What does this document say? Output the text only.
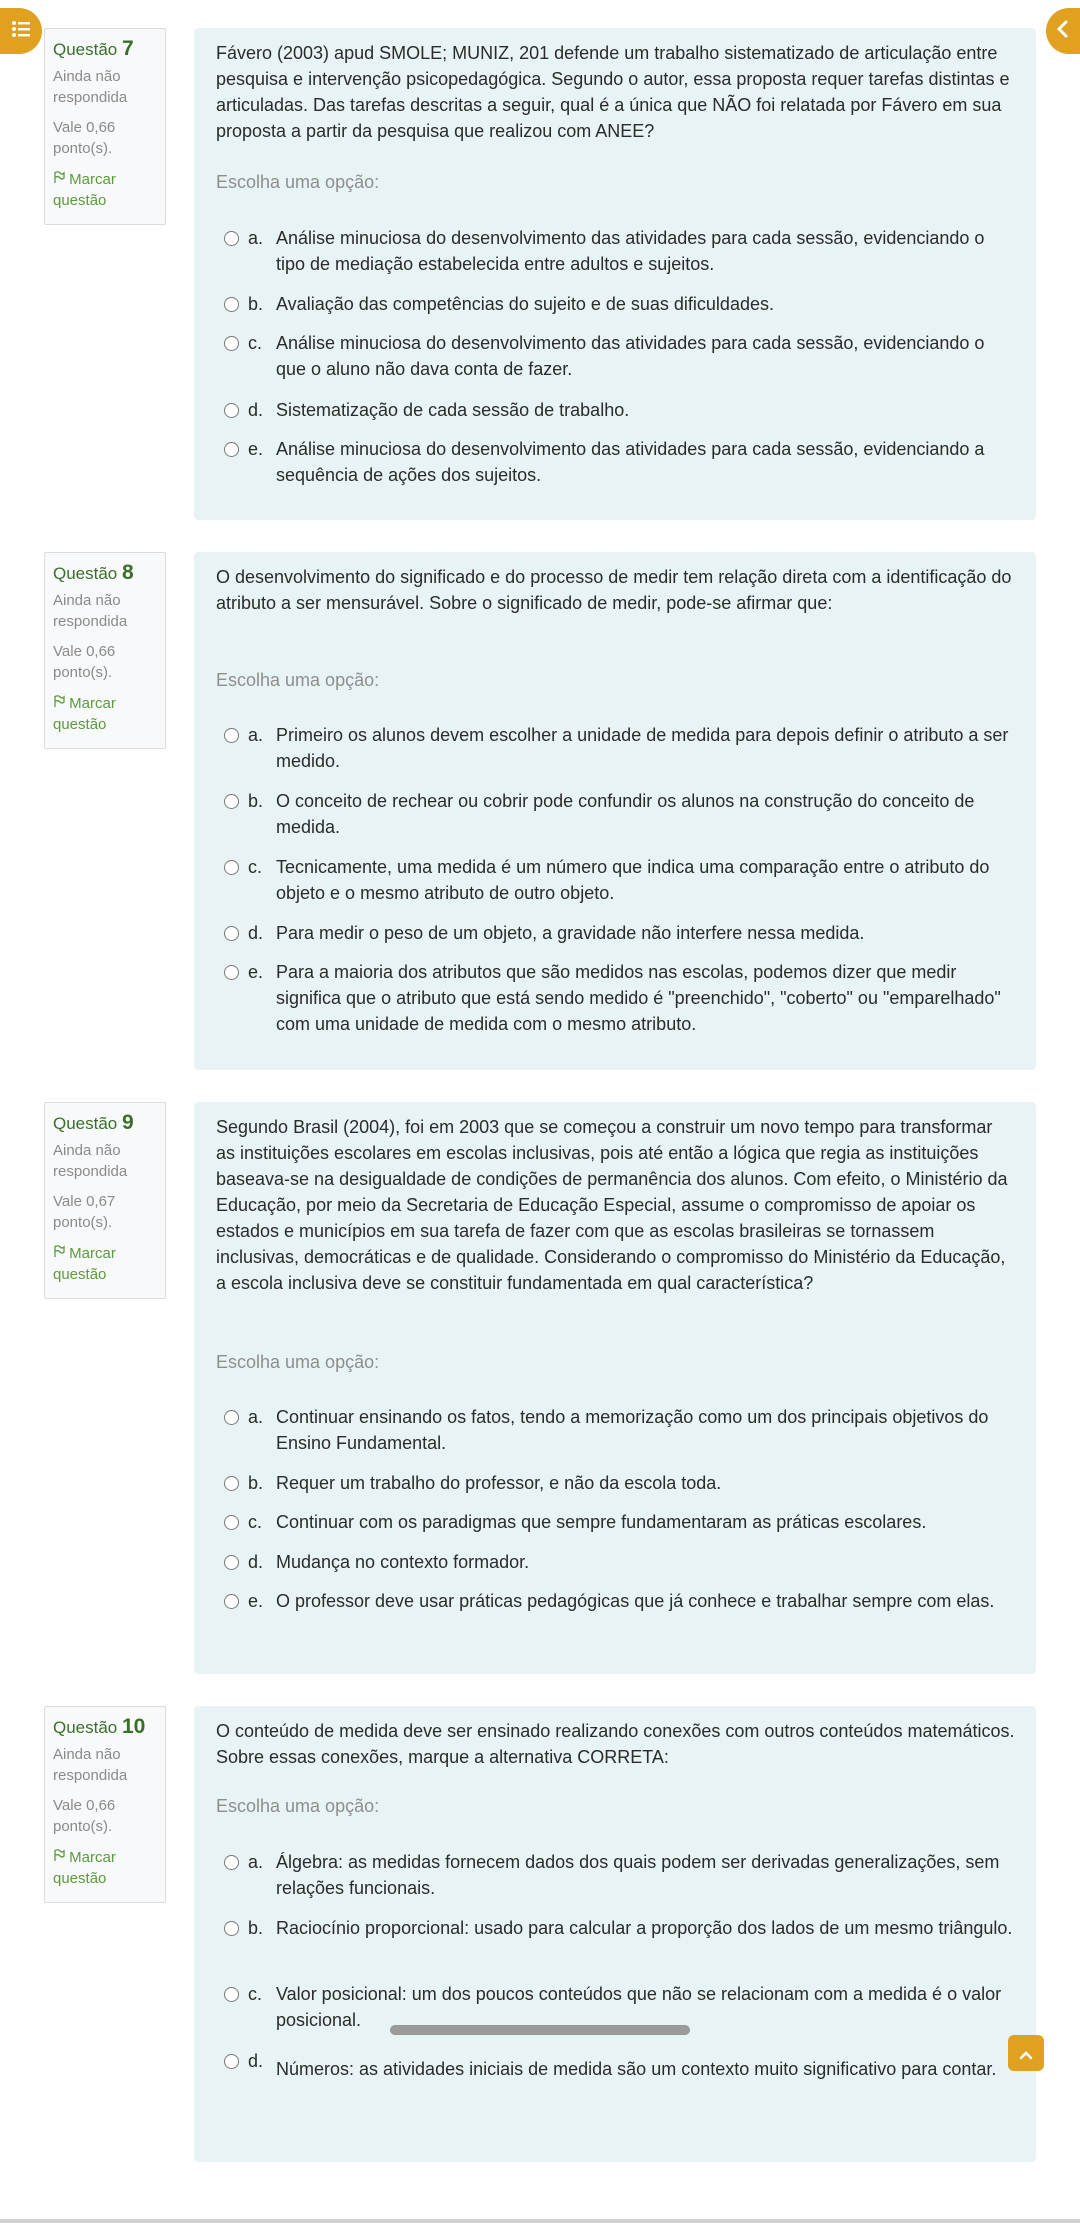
Questão 7
Ainda não
respondida
Vale 0,66
ponto(s).
Marcar
questão
Fávero (2003) apud SMOLE; MUNIZ, 201 defende um trabalho sistematizado de articulação entre pesquisa e intervenção psicopedagógica. Segundo o autor, essa proposta requer tarefas distintas e articuladas. Das tarefas descritas a seguir, qual é a única que NÃO foi relatada por Fávero em sua proposta a partir da pesquisa que realizou com ANEE?
Escolha uma opção:
a. Análise minuciosa do desenvolvimento das atividades para cada sessão, evidenciando o tipo de mediação estabelecida entre adultos e sujeitos.
b. Avaliação das competências do sujeito e de suas dificuldades.
c. Análise minuciosa do desenvolvimento das atividades para cada sessão, evidenciando o que o aluno não dava conta de fazer.
d. Sistematização de cada sessão de trabalho.
e. Análise minuciosa do desenvolvimento das atividades para cada sessão, evidenciando a sequência de ações dos sujeitos.
Questão 8
Ainda não
respondida
Vale 0,66
ponto(s).
Marcar
questão
O desenvolvimento do significado e do processo de medir tem relação direta com a identificação do atributo a ser mensurável. Sobre o significado de medir, pode-se afirmar que:
Escolha uma opção:
a. Primeiro os alunos devem escolher a unidade de medida para depois definir o atributo a ser medido.
b. O conceito de rechear ou cobrir pode confundir os alunos na construção do conceito de medida.
c. Tecnicamente, uma medida é um número que indica uma comparação entre o atributo do objeto e o mesmo atributo de outro objeto.
d. Para medir o peso de um objeto, a gravidade não interfere nessa medida.
e. Para a maioria dos atributos que são medidos nas escolas, podemos dizer que medir significa que o atributo que está sendo medido é "preenchido", "coberto" ou "emparelhado" com uma unidade de medida com o mesmo atributo.
Questão 9
Ainda não
respondida
Vale 0,67
ponto(s).
Marcar
questão
Segundo Brasil (2004), foi em 2003 que se começou a construir um novo tempo para transformar as instituições escolares em escolas inclusivas, pois até então a lógica que regia as instituições baseava-se na desigualdade de condições de permanência dos alunos. Com efeito, o Ministério da Educação, por meio da Secretaria de Educação Especial, assume o compromisso de apoiar os estados e municípios em sua tarefa de fazer com que as escolas brasileiras se tornassem inclusivas, democráticas e de qualidade. Considerando o compromisso do Ministério da Educação, a escola inclusiva deve se constituir fundamentada em qual característica?
Escolha uma opção:
a. Continuar ensinando os fatos, tendo a memorização como um dos principais objetivos do Ensino Fundamental.
b. Requer um trabalho do professor, e não da escola toda.
c. Continuar com os paradigmas que sempre fundamentaram as práticas escolares.
d. Mudança no contexto formador.
e. O professor deve usar práticas pedagógicas que já conhece e trabalhar sempre com elas.
Questão 10
Ainda não
respondida
Vale 0,66
ponto(s).
Marcar
questão
O conteúdo de medida deve ser ensinado realizando conexões com outros conteúdos matemáticos. Sobre essas conexões, marque a alternativa CORRETA:
Escolha uma opção:
a. Álgebra: as medidas fornecem dados dos quais podem ser derivadas generalizações, sem relações funcionais.
b. Raciocínio proporcional: usado para calcular a proporção dos lados de um mesmo triângulo.
c. Valor posicional: um dos poucos conteúdos que não se relacionam com a medida é o valor posicional.
d. Números: as atividades iniciais de medida são um contexto muito significativo para contar.
